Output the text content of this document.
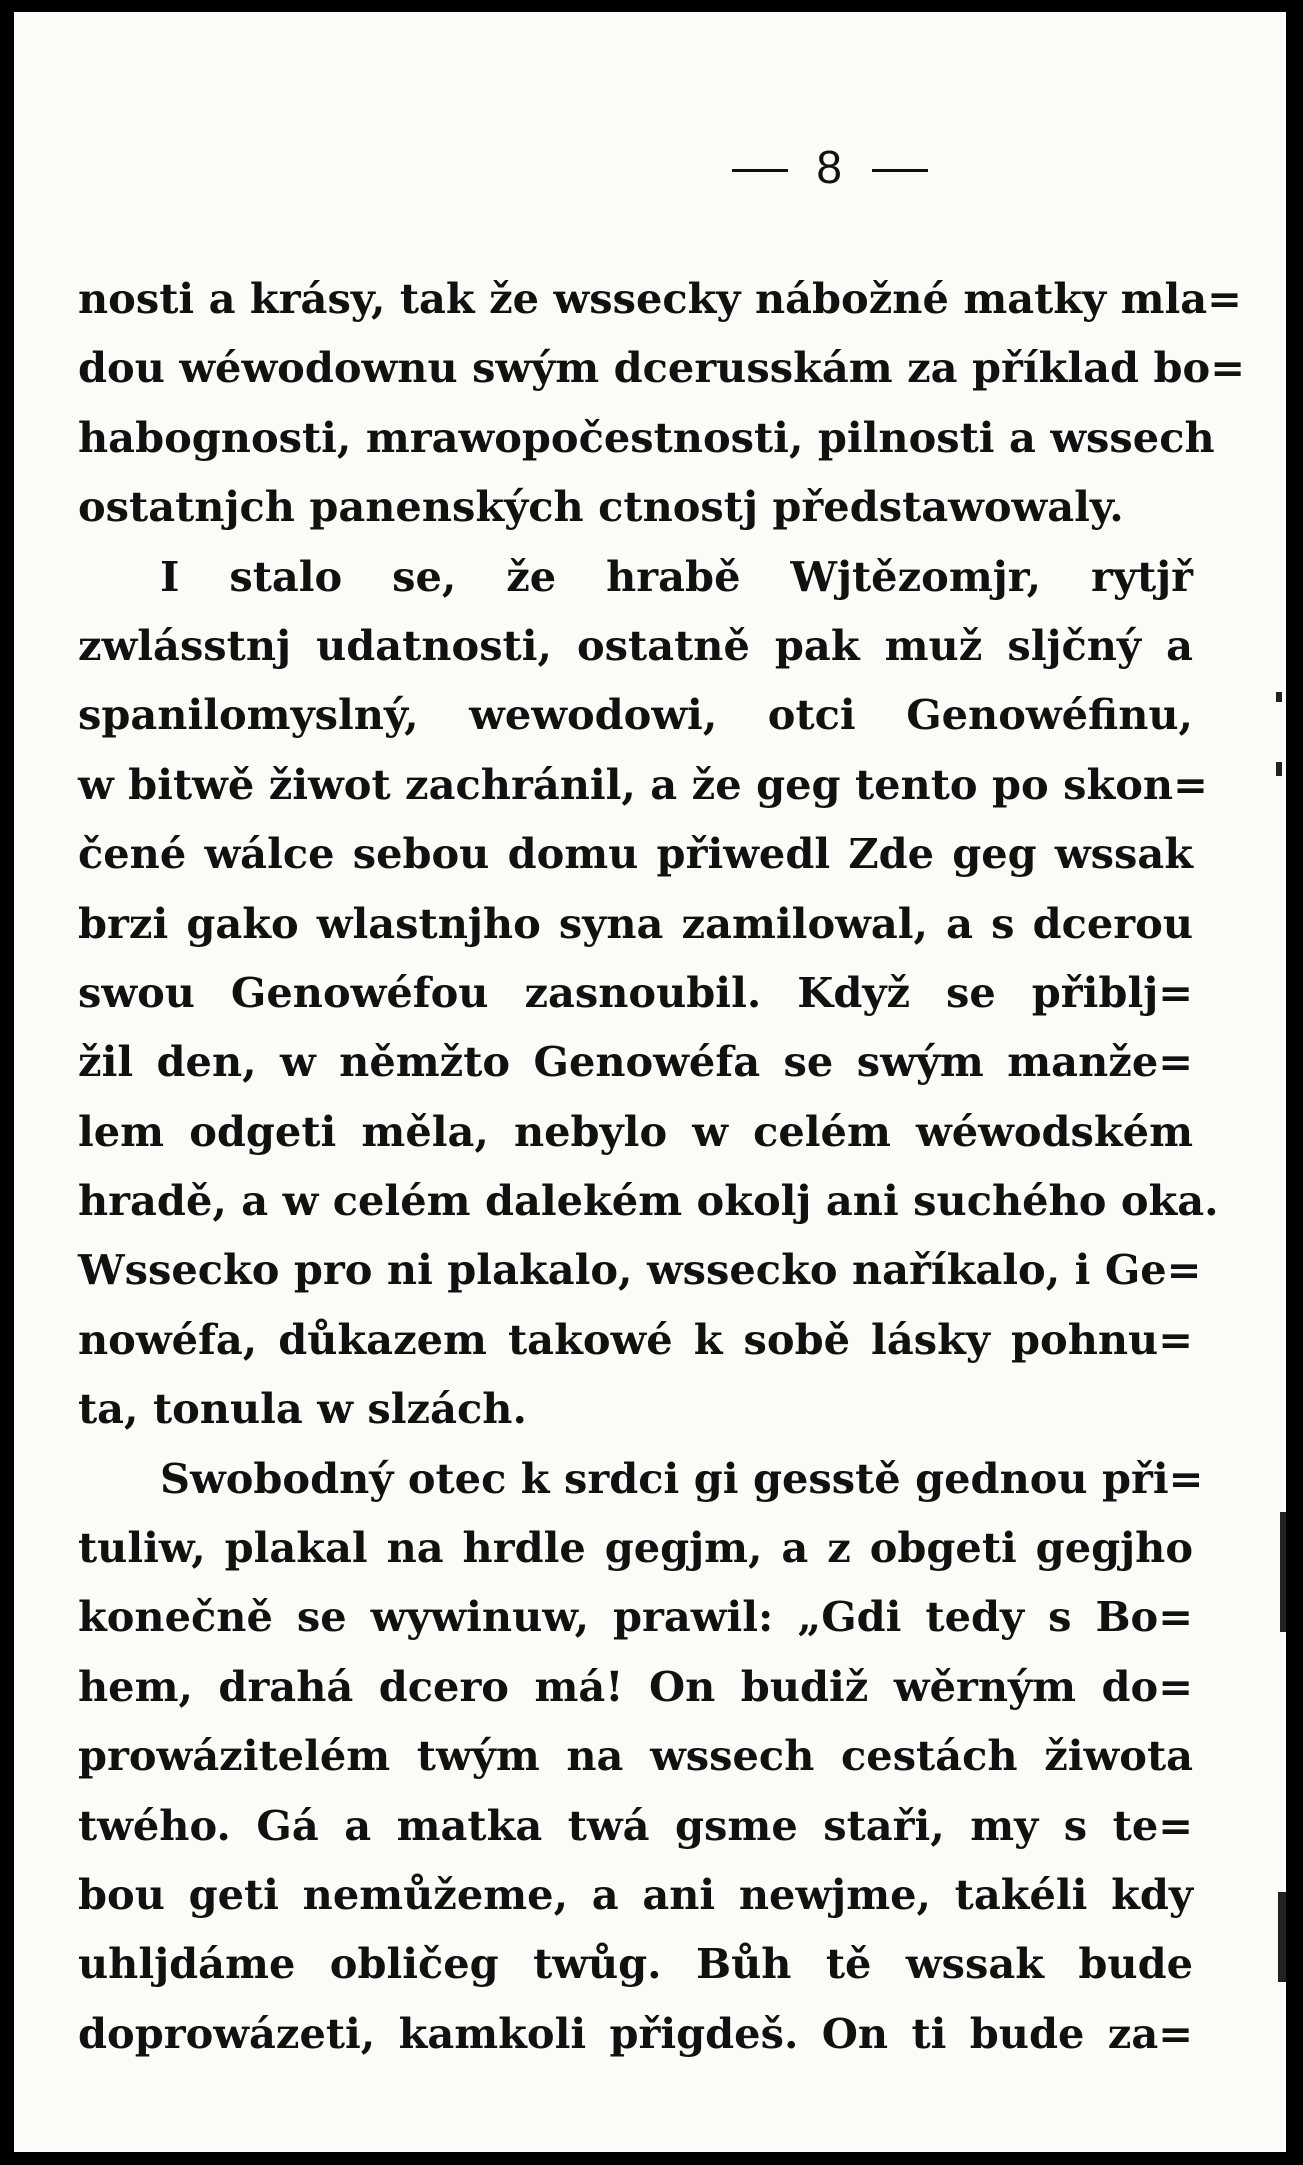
8
nosti a krásy, tak že wssecky nábožné matky mla=
dou wéwodownu swým dcerusskám za příklad bo=
habognosti, mrawopočestnosti, pilnosti a wssech
ostatnjch panenských ctnostj předstawowaly.
I stalo se, že hrabě Wjtězomjr, rytjř
zwlásstnj udatnosti, ostatně pak muž sljčný a
spanilomyslný, wewodowi, otci Genowéfinu,
w bitwě žiwot zachránil, a že geg tento po skon=
čené wálce sebou domu přiwedl Zde geg wssak
brzi gako wlastnjho syna zamilowal, a s dcerou
swou Genowéfou zasnoubil. Když se přiblj=
žil den, w němžto Genowéfa se swým manže=
lem odgeti měla, nebylo w celém wéwodském
hradě, a w celém dalekém okolj ani suchého oka.
Wssecko pro ni plakalo, wssecko naříkalo, i Ge=
nowéfa, důkazem takowé k sobě lásky pohnu=
ta, tonula w slzách.
Swobodný otec k srdci gi gesstě gednou při=
tuliw, plakal na hrdle gegjm, a z obgeti gegjho
konečně se wywinuw, prawil: „Gdi tedy s Bo=
hem, drahá dcero má! On budiž wěrným do=
prowázitelém twým na wssech cestách žiwota
twého. Gá a matka twá gsme staři, my s te=
bou geti nemůžeme, a ani newjme, takéli kdy
uhljdáme obličeg twůg. Bůh tě wssak bude
doprowázeti, kamkoli přigdeš. On ti bude za=
